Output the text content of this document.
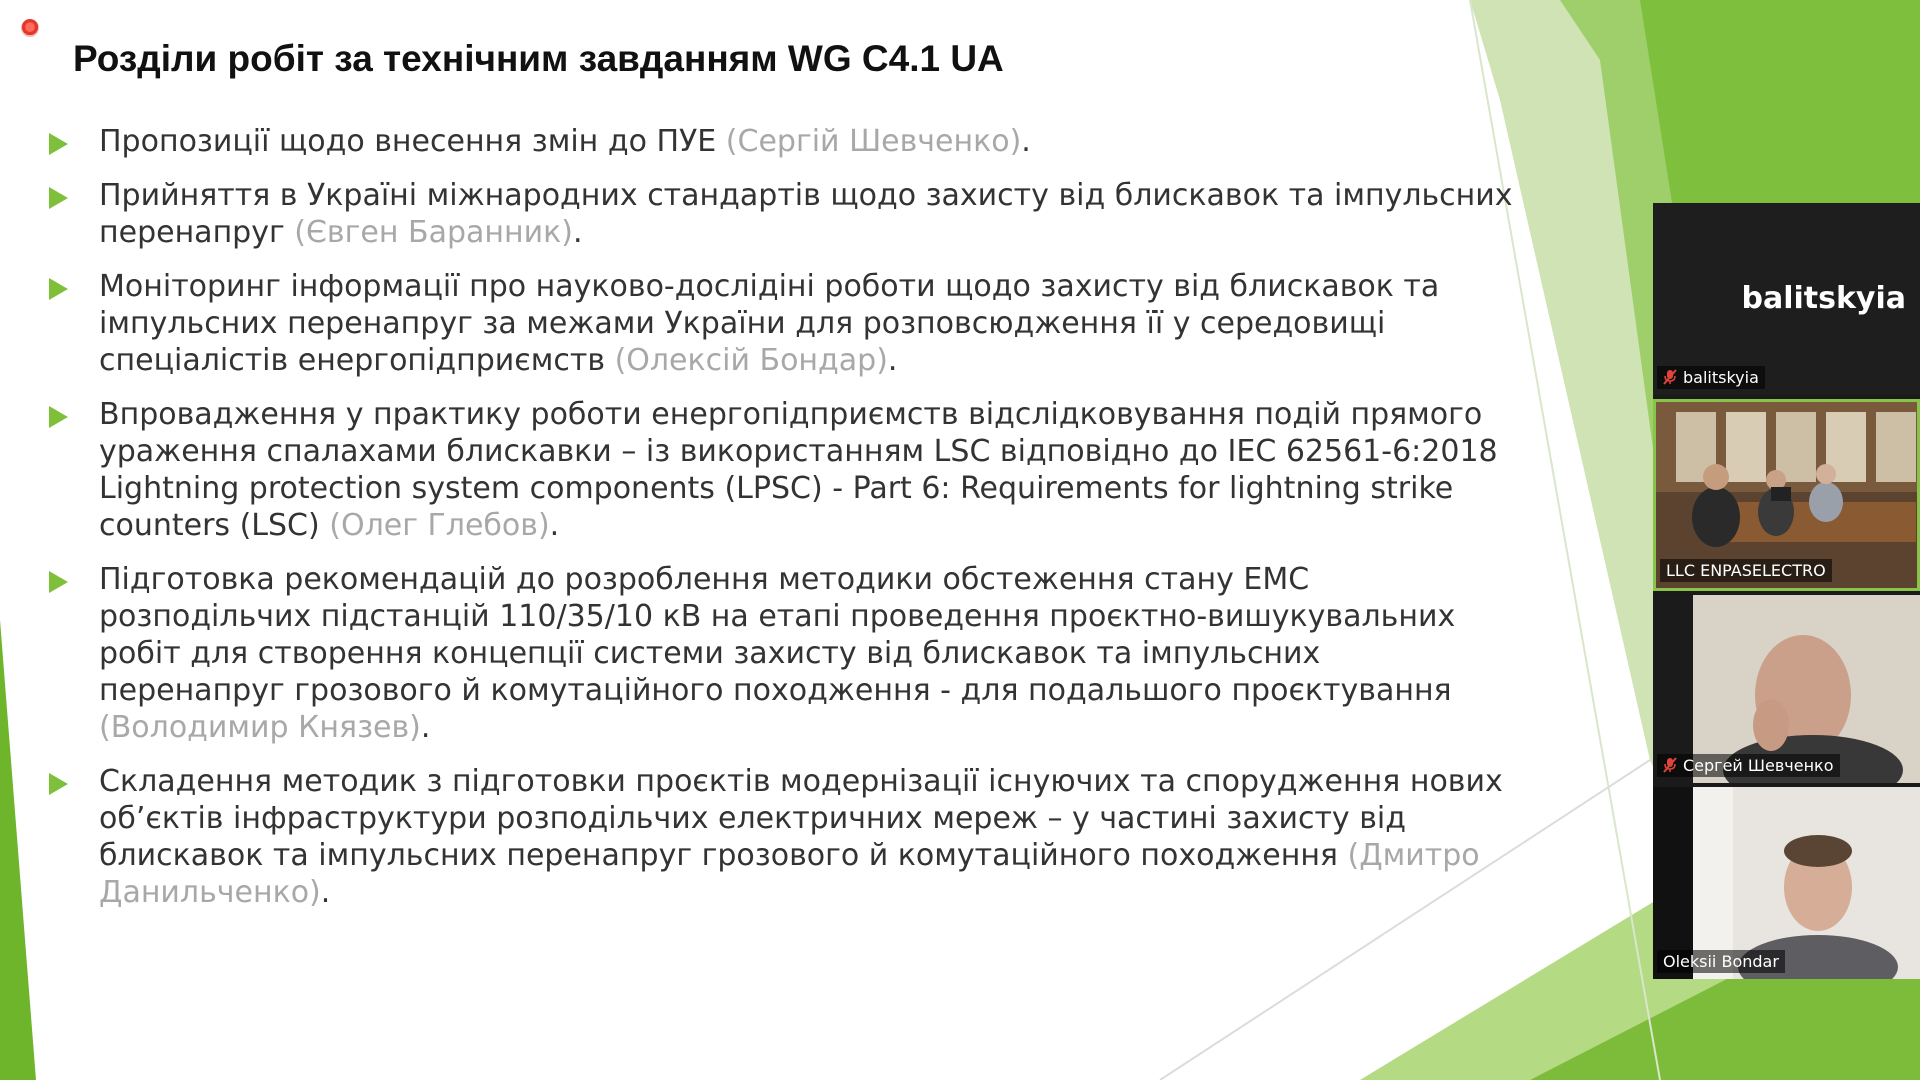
Розділи робіт за технічним завданням WG C4.1 UA
Пропозиції щодо внесення змін до ПУЕ (Сергій Шевченко).
Прийняття в Україні міжнародних стандартів щодо захисту від блискавок та імпульсних перенапруг (Євген Баранник).
Моніторинг інформації про науково-дослідіні роботи щодо захисту від блискавок та імпульсних перенапруг за межами України для розповсюдження її у середовищі спеціалістів енергопідприємств (Олексій Бондар).
Впровадження у практику роботи енергопідприємств відслідковування подій прямого ураження спалахами блискавки – із використанням LSC відповідно до IEC 62561-6:2018 Lightning protection system components (LPSC) - Part 6: Requirements for lightning strike counters (LSC) (Олег Глебов).
Підготовка рекомендацій до розроблення методики обстеження стану ЕМС розподільчих підстанцій 110/35/10 кВ на етапі проведення проєктно-вишукувальних робіт для створення концепції системи захисту від блискавок та імпульсних перенапруг грозового й комутаційного походження - для подальшого проєктування (Володимир Князев).
Складення методик з підготовки проєктів модернізації існуючих та спорудження нових об’єктів інфраструктури розподільчих електричних мереж – у частині захисту від блискавок та імпульсних перенапруг грозового й комутаційного походження (Дмитро Данильченко).
balitskyia
balitskyia
LLC ENPASELECTRO
Сергей Шевченко
Oleksii Bondar
